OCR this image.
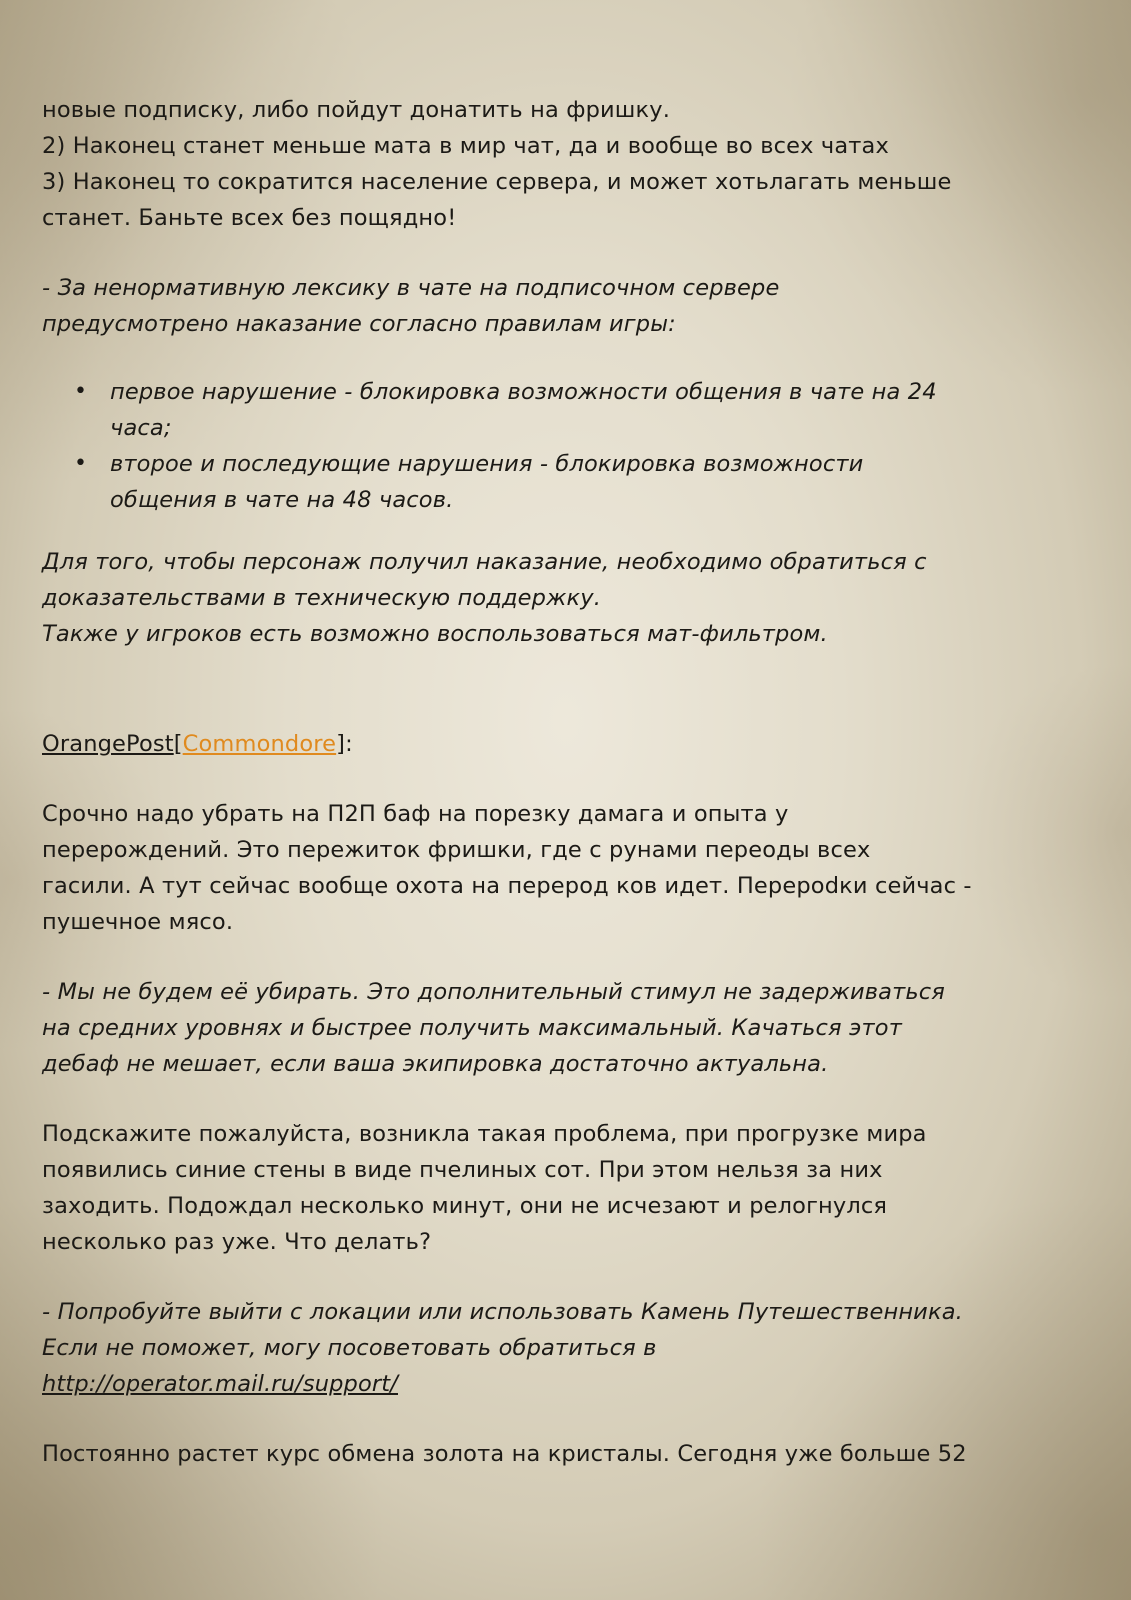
новые подписку, либо пойдут донатить на фришку.

2) Наконец станет меньше мата в мир чат, да и вообще во всех чатах

3) Наконец то сократится население сервера, и может хотьлагать меньше

станет. Баньте всех без пощядно!

- За ненормативную лексику в чате на подписочном сервере

предусмотрено наказание согласно правилам игры:

• первое нарушение - блокировка возможности общения в чате на 24

часа;

• второе и последующие нарушения - блокировка возможности

общения в чате на 48 часов.

Для того, чтобы персонаж получил наказание, необходимо обратиться с

доказательствами в техническую поддержку.

Также у игроков есть возможно воспользоваться мат-фильтром.

OrangePost[Commondore]:

Срочно надо убрать на П2П баф на порезку дамага и опыта у

перерождений. Это пережиток фришки, где с рунами переоды всех

гасили. А тут сейчас вообще охота на перерод ков идет. Перероdки сейчас -

пушечное мясо.

- Мы не будем её убирать. Это дополнительный стимул не задерживаться

на средних уровнях и быстрее получить максимальный. Качаться этот

дебаф не мешает, если ваша экипировка достаточно актуальна.

Подскажите пожалуйста, возникла такая проблема, при прогрузке мира

появились синие стены в виде пчелиных сот. При этом нельзя за них

заходить. Подождал несколько минут, они не исчезают и релогнулся

несколько раз уже. Что делать?

- Попробуйте выйти с локации или использовать Камень Путешественника.

Если не поможет, могу посоветовать обратиться в

http://operator.mail.ru/support/

Постоянно растет курс обмена золота на кристалы. Сегодня уже больше 52
